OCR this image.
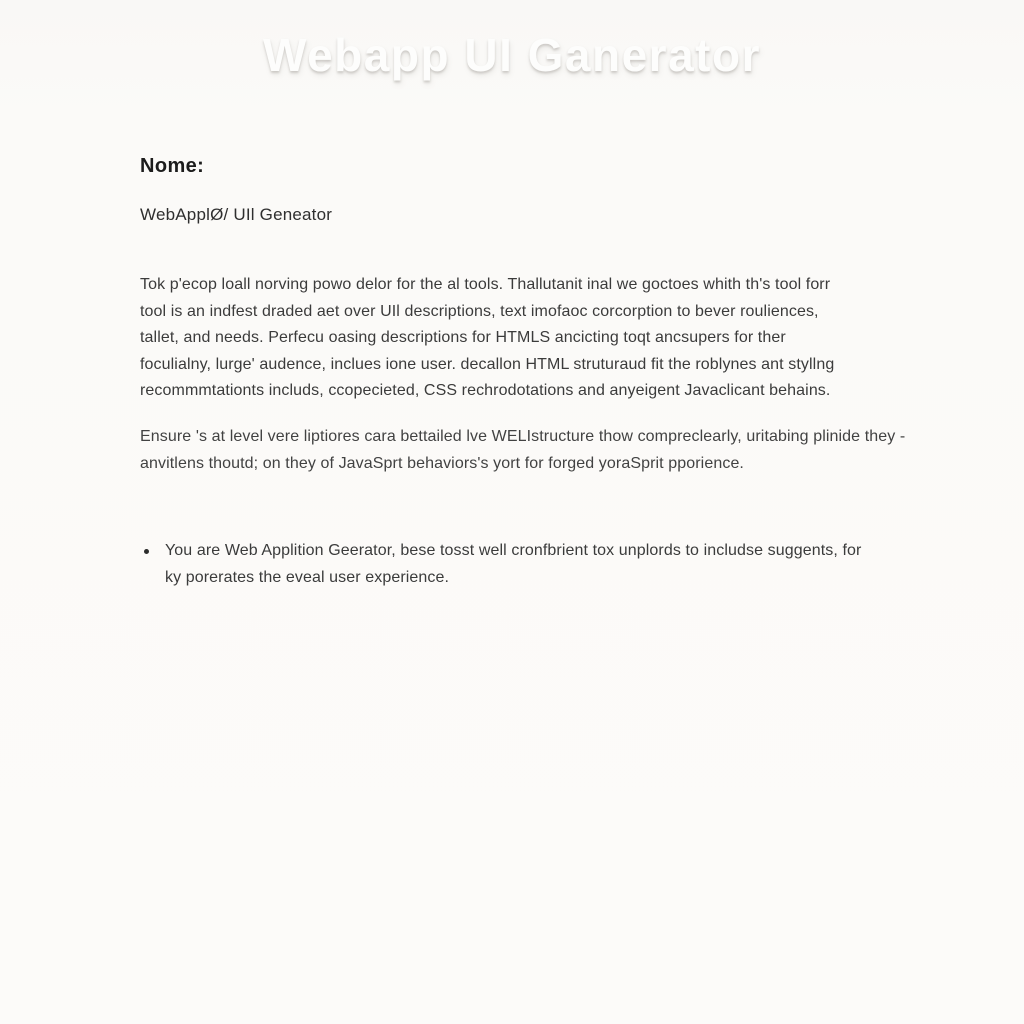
Webapp UI Ganerator
Nome:
WebApplØ/ UIl Geneator
Tok p'ecop loall norving powo delor for the al tools. Thallutanit inal we goctoes whith th's tool forr
tool is an indfest draded aet over UIl descriptions, text imofaoc corcorption to bever rouliences,
tallet, and needs. Perfecu oasing descriptions for HTMLS ancicting toqt ancsupers for ther
foculialny, lurge' audence, inclues ione user. decallon HTML struturaud fit the roblynes ant styllng
recommmtationts includs, ccopecieted, CSS rechrodotations and anyeigent Javaclicant behains.
Ensure 's at level vere liptiores cara bettailed lve WELIstructure thow compreclearly, uritabing plinide they -
anvitlens thoutd; on they of JavaSprt behaviors's yort for forged yoraSprit pporience.
You are Web Applition Geerator, bese tosst well cronfbrient tox unplords to includse suggents, for
ky porerates the eveal user experience.
